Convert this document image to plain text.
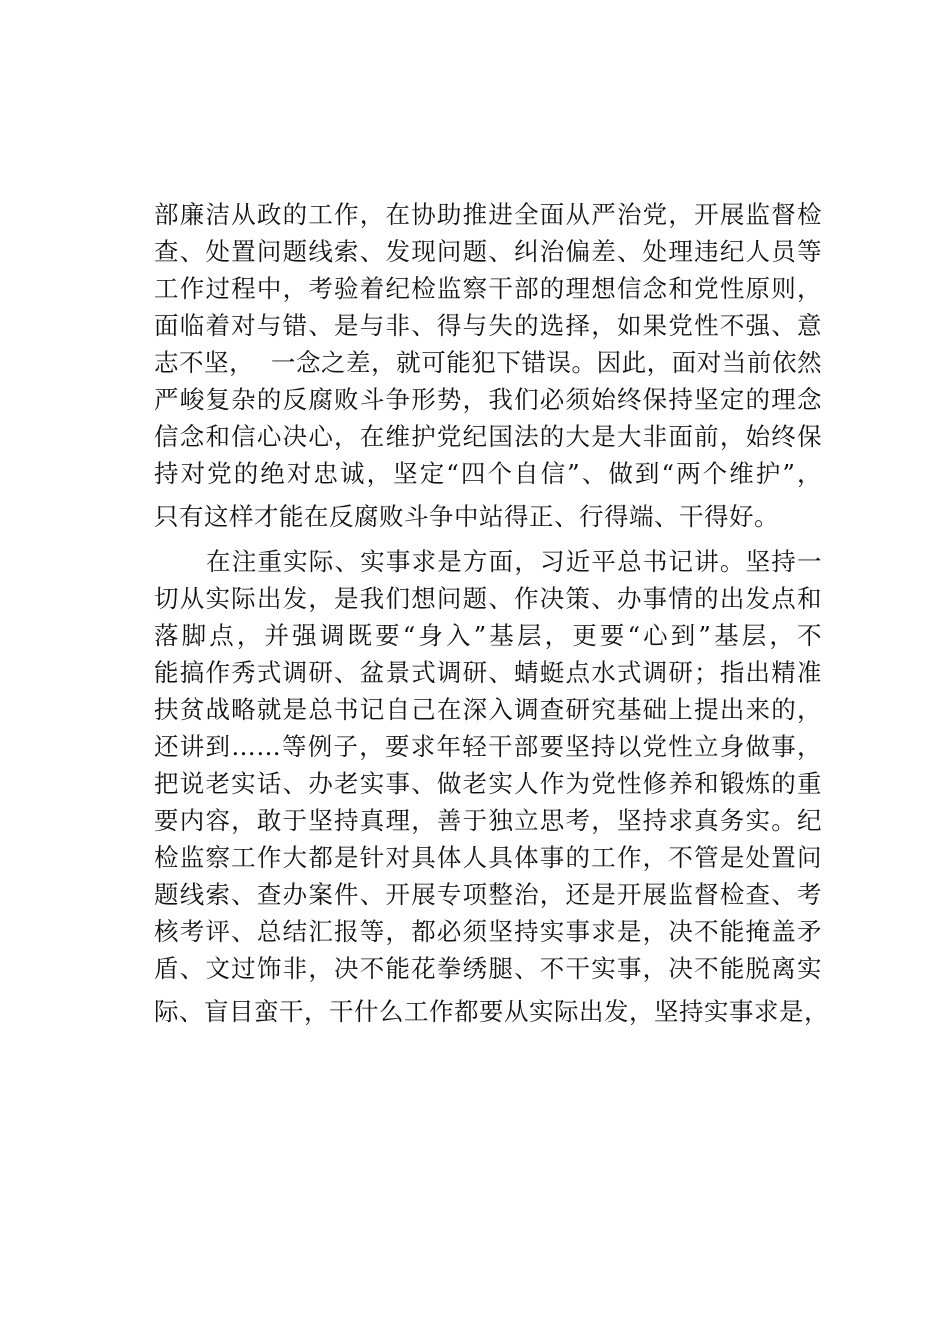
部廉洁从政的工作，在协助推进全面从严治党，开展监督检
查、处置问题线索、发现问题、纠治偏差、处理违纪人员等
工作过程中，考验着纪检监察干部的理想信念和党性原则，
面临着对与错、是与非、得与失的选择，如果党性不强、意
志不坚，  一念之差，就可能犯下错误。因此，面对当前依然
严峻复杂的反腐败斗争形势，我们必须始终保持坚定的理念
信念和信心决心，在维护党纪国法的大是大非面前，始终保
持对党的绝对忠诚，坚定“四个自信”、做到“两个维护”，
只有这样才能在反腐败斗争中站得正、行得端、干得好。
在注重实际、实事求是方面，习近平总书记讲。坚持一
切从实际出发，是我们想问题、作决策、办事情的出发点和
落脚点，并强调既要“身入”基层，更要“心到”基层，不
能搞作秀式调研、盆景式调研、蜻蜓点水式调研；指出精准
扶贫战略就是总书记自己在深入调查研究基础上提出来的，
还讲到……等例子，要求年轻干部要坚持以党性立身做事，
把说老实话、办老实事、做老实人作为党性修养和锻炼的重
要内容，敢于坚持真理，善于独立思考，坚持求真务实。纪
检监察工作大都是针对具体人具体事的工作，不管是处置问
题线索、查办案件、开展专项整治，还是开展监督检查、考
核考评、总结汇报等，都必须坚持实事求是，决不能掩盖矛
盾、文过饰非，决不能花拳绣腿、不干实事，决不能脱离实
际、盲目蛮干，干什么工作都要从实际出发，坚持实事求是，
